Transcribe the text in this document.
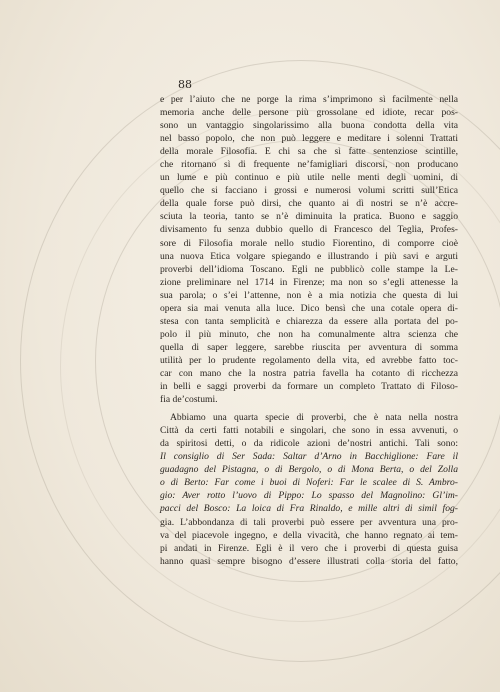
88
e per l’aiuto che ne porge la rima s’imprimono sì facilmente nella
memoria anche delle persone più grossolane ed idiote, recar pos-
sono un vantaggio singolarissimo alla buona condotta della vita
nel basso popolo, che non può leggere e meditare i solenni Trattati
della morale Filosofia. E chi sa che sì fatte sentenziose scintille,
che ritornano sì di frequente ne’famigliari discorsi, non producano
un lume e più continuo e più utile nelle menti degli uomini, di
quello che si facciano i grossi e numerosi volumi scritti sull’Etica
della quale forse può dirsi, che quanto ai dì nostri se n’è accre-
sciuta la teoria, tanto se n’è diminuita la pratica. Buono e saggio
divisamento fu senza dubbio quello di Francesco del Teglia, Profes-
sore di Filosofia morale nello studio Fiorentino, di comporre cioè
una nuova Etica volgare spiegando e illustrando i più savi e arguti
proverbi dell’idioma Toscano. Egli ne pubblicò colle stampe la Le-
zione preliminare nel 1714 in Firenze; ma non so s’egli attenesse la
sua parola; o s’ei l’attenne, non è a mia notizia che questa di lui
opera sia mai venuta alla luce. Dico bensì che una cotale opera di-
stesa con tanta semplicità e chiarezza da essere alla portata del po-
polo il più minuto, che non ha comunalmente altra scienza che
quella di saper leggere, sarebbe riuscita per avventura di somma
utilità per lo prudente regolamento della vita, ed avrebbe fatto toc-
car con mano che la nostra patria favella ha cotanto di ricchezza
in belli e saggi proverbi da formare un completo Trattato di Filoso-
fia de’costumi.
Abbiamo una quarta specie di proverbi, che è nata nella nostra
Città da certi fatti notabili e singolari, che sono in essa avvenuti, o
da spiritosi detti, o da ridicole azioni de’nostri antichi. Tali sono:
Il consiglio di Ser Sada: Saltar d’Arno in Bacchiglione: Fare il
guadagno del Pistagna, o di Bergolo, o di Mona Berta, o del Zolla
o di Berto: Far come i buoi di Noferi: Far le scalee di S. Ambro-
gio: Aver rotto l’uovo di Pippo: Lo spasso del Magnolino: Gl’im-
pacci del Bosco: La loica di Fra Rinaldo, e mille altri di simil fog-
gia. L’abbondanza di tali proverbi può essere per avventura una pro-
va del piacevole ingegno, e della vivacità, che hanno regnato ai tem-
pi andati in Firenze. Egli è il vero che i proverbi di questa guisa
hanno quasi sempre bisogno d’essere illustrati colla storia del fatto,
